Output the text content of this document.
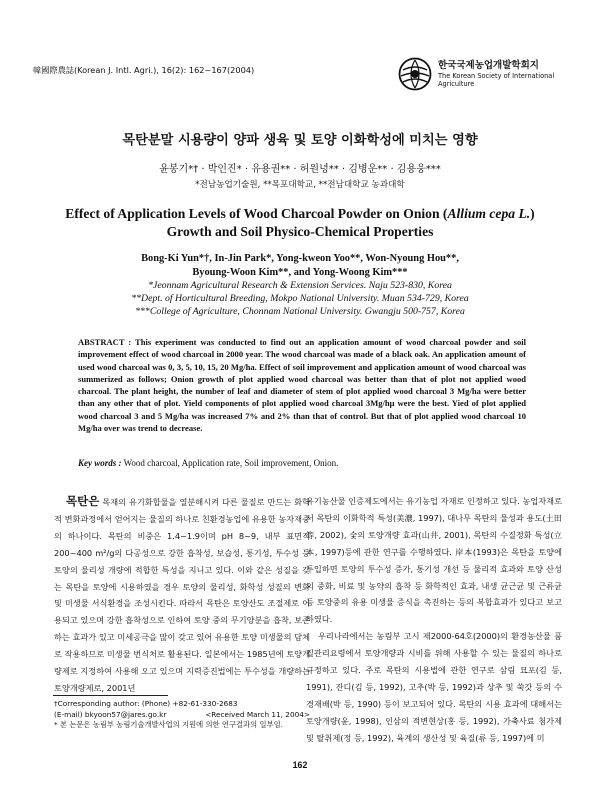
韓國際農誌(Korean J. Intl. Agri.), 16(2): 162~167(2004)	한국국제농업개발학회지
The Korean Society of International Agriculture
목탄분말 시용량이 양파 생육 및 토양 이화학성에 미치는 영향
윤봉기*† · 박인진* · 유용권** · 허원녕** · 김병운** · 김용웅***
*전남농업기술원, **목포대학교, **전남대학교 농과대학
Effect of Application Levels of Wood Charcoal Powder on Onion (Allium cepa L.)
Growth and Soil Physico-Chemical Properties
Bong-Ki Yun*†, In-Jin Park*, Yong-kweon Yoo**, Won-Nyoung Hou**,
Byoung-Woon Kim**, and Yong-Woong Kim***
*Jeonnam Agricultural Research & Extension Services. Naju 523-830, Korea
**Dept. of Horticultural Breeding, Mokpo National University. Muan 534-729, Korea
***College of Agriculture, Chonnam National University. Gwangju 500-757, Korea
ABSTRACT : This experiment was conducted to find out an application amount of wood charcoal powder and soil improvement effect of wood charcoal in 2000 year. The wood charcoal was made of a black oak. An application amount of used wood charcoal was 0, 3, 5, 10, 15, 20 Mg/ha. Effect of soil improvement and application amount of wood charcoal was summerized as follows; Onion growth of plot applied wood charcoal was better than that of plot not applied wood charcoal. The plant height, the number of leaf and diameter of stem of plot applied wood charcoal 3 Mg/ha were better than any other that of plot. Yield components of plot applied wood charcoal 3Mg/hμ were the best. Yied of plot applied wood charcoal 3 and 5 Mg/ha was increased 7% and 2% than that of control. But that of plot applied wood charcoal 10 Mg/ha over was trend to decrease.
Key words : Wood charcoal, Application rate, Soil improvement, Onion.

목탄은 목재의 유기화합물을 열분해시켜 다른 물질로 만드는 화학적 변화과정에서 얻어지는 물질의 하나로 친환경농업에 유용한 농자재중의 하나이다. 목탄의 비중은 1.4~1.9이며 pH 8~9, 내부 표면적 200~400 m²/g의 다공성으로 강한 흡착성, 보습성, 통기성, 투수성 등 토양의 물리성 개량에 적합한 특성을 지니고 있다. 이와 같은 성질을 갖는 목탄을 토양에 시용하였을 경우 토양의 물리성, 화학성 성질의 변화 및 미생물 서식환경을 조성시킨다. 따라서 목탄은 토양산도 조절제로 이용되고 있으며 강한 흡착성으로 인하여 토양 중의 무기양분을 흡착, 보존하는 효과가 있고 미세공극을 많이 갖고 있어 유용한 토양 미생물의 담체로 작용하므로 미생물 번식처로 활용된다. 일본에서는 1985년에 토양개량제로 지정하여 사용해 오고 있으며 지력증진법에는 투수성을 개량하는 토양개량제로, 2001년

유기농산물 인증제도에서는 유기농업 자재로 인정하고 있다. 농업자재로서 목탄의 이화학적 특성(美濃, 1997), 대나무 목탄의 물성과 용도(土田 等, 2002), 숯의 토양개량 효과(山井, 2001), 목탄의 수질정화 특성(立本, 1997)등에 관한 연구를 수행하였다. 岸本(1993)은 목탄을 토양에 투입하면 토양의 투수성 증가, 통기성 개선 등 물리적 효과와 토양 산성의 중화, 비료 및 농약의 흡착 등 화학적인 효과, 내생 균근균 및 근류균 등 토양중의 유용 미생물 증식을 촉진하는 등의 복합효과가 있다고 보고하였다.

우리나라에서는 농림부 고시 제2000-64호(2000)의 환경농산물 품질관리요령에서 토양개량과 시비를 위해 사용할 수 있는 물질의 하나로 규정하고 있다. 주로 목탄의 시용법에 관한 연구로 삼림 묘포(김 등, 1991), 잔디(김 등, 1992), 고추(박 등, 1992)과 상추 및 쑥갓 등의 수경재배(박 등, 1990) 등이 보고되어 있다. 목탄의 시용 효과에 대해서는 토양개량(윤, 1998), 인삼의 적변현상(홍 등, 1992), 가축사료 첨가제 및 탈취제(정 등, 1992), 육계의 생산성 및 육질(류 등, 1997)에 미

†Corresponding author: (Phone) +82-61-330-2683
(E-mail) bkyoon57@jares.go.kr	<Received March 11, 2004>
* 본 논문은 농림부 농림기술개발사업의 지원에 의한 연구결과의 일부임.
162
